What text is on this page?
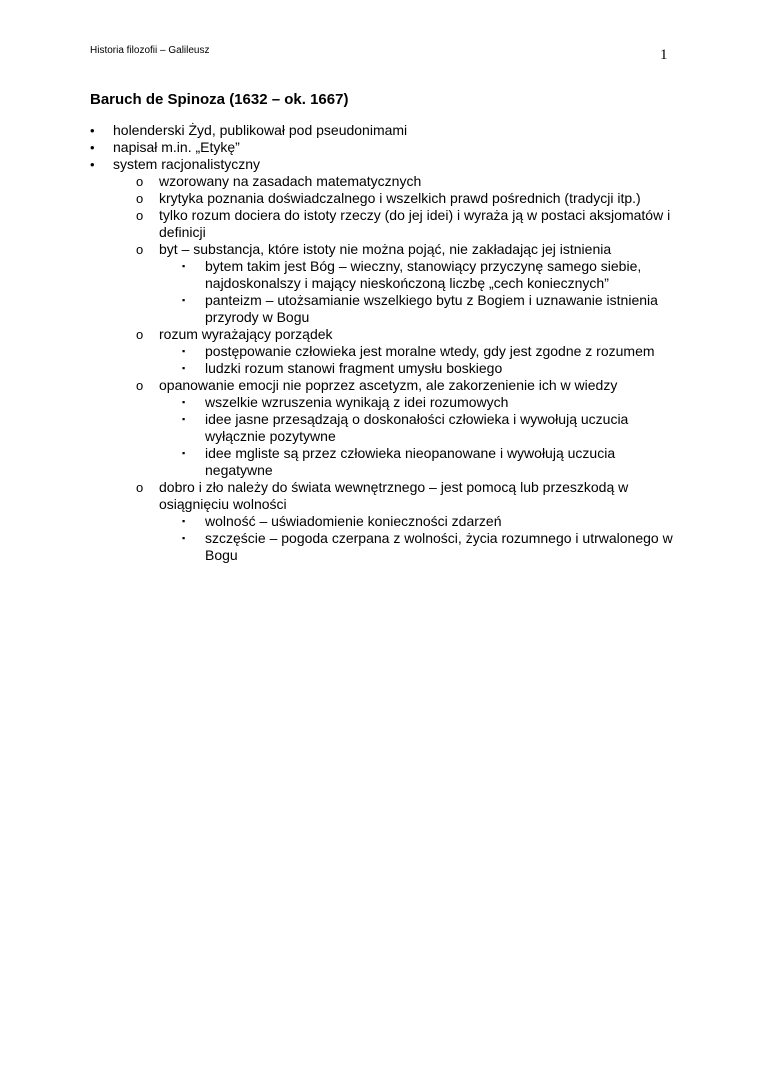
Historia filozofii – Galileusz	1
Baruch de Spinoza (1632 – ok. 1667)
• holenderski Żyd, publikował pod pseudonimami
• napisał m.in. „Etykę”
• system racjonalistyczny
o wzorowany na zasadach matematycznych
o krytyka poznania doświadczalnego i wszelkich prawd pośrednich (tradycji itp.)
o tylko rozum dociera do istoty rzeczy (do jej idei) i wyraża ją w postaci aksjomatów i definicji
o byt – substancja, które istoty nie można pojąć, nie zakładając jej istnienia
▪ bytem takim jest Bóg – wieczny, stanowiący przyczynę samego siebie, najdoskonalszy i mający nieskończoną liczbę „cech koniecznych”
▪ panteizm – utożsamianie wszelkiego bytu z Bogiem i uznawanie istnienia przyrody w Bogu
o rozum wyrażający porządek
▪ postępowanie człowieka jest moralne wtedy, gdy jest zgodne z rozumem
▪ ludzki rozum stanowi fragment umysłu boskiego
o opanowanie emocji nie poprzez ascetyzm, ale zakorzenienie ich w wiedzy
▪ wszelkie wzruszenia wynikają z idei rozumowych
▪ idee jasne przesądzają o doskonałości człowieka i wywołują uczucia wyłącznie pozytywne
▪ idee mgliste są przez człowieka nieopanowane i wywołują uczucia negatywne
o dobro i zło należy do świata wewnętrznego – jest pomocą lub przeszkodą w osiągnięciu wolności
▪ wolność – uświadomienie konieczności zdarzeń
▪ szczęście – pogoda czerpana z wolności, życia rozumnego i utrwalonego w Bogu
